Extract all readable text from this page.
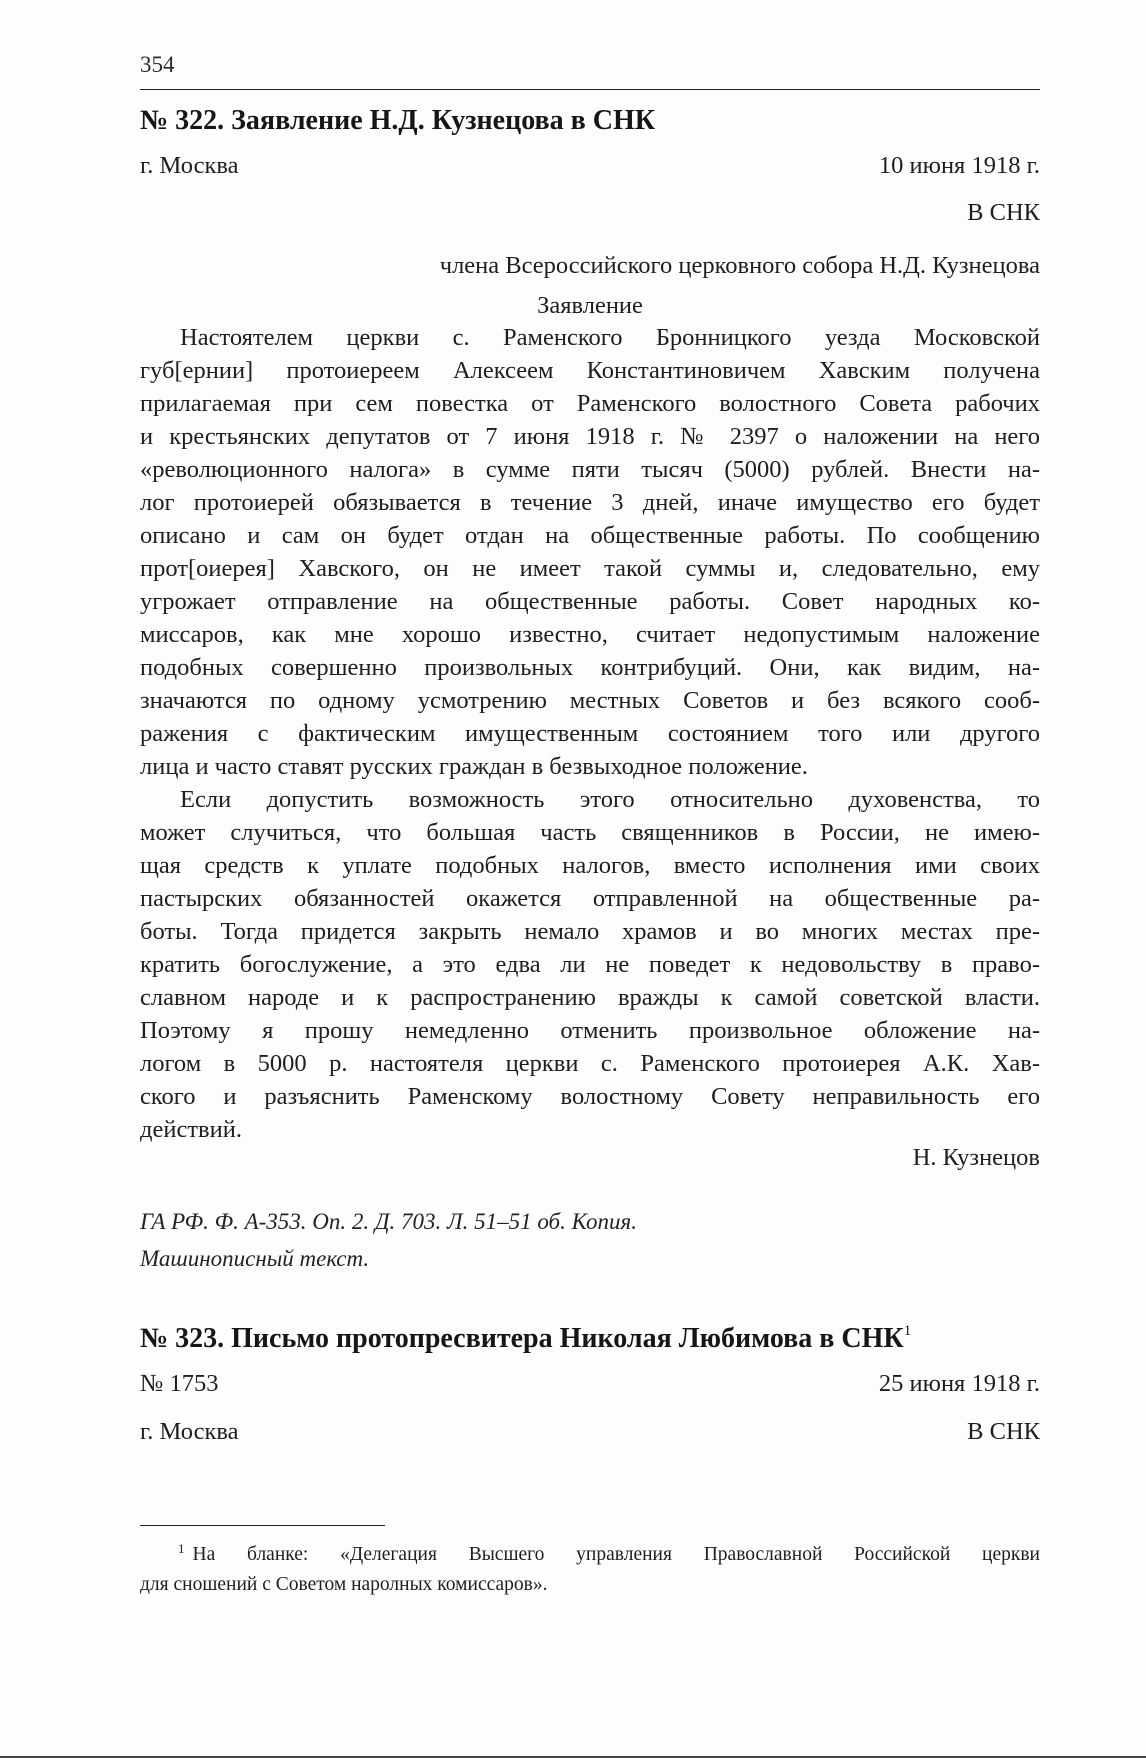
354
№ 322. Заявление Н.Д. Кузнецова в СНК
г. Москва	10 июня 1918 г.
В СНК
члена Всероссийского церковного собора Н.Д. Кузнецова
Заявление
Настоятелем церкви с. Раменского Бронницкого уезда Московской
губ[ернии] протоиереем Алексеем Константиновичем Хавским получена
прилагаемая при сем повестка от Раменского волостного Совета рабочих
и крестьянских депутатов от 7 июня 1918 г. № 2397 о наложении на него
«революционного налога» в сумме пяти тысяч (5000) рублей. Внести на-
лог протоиерей обязывается в течение 3 дней, иначе имущество его будет
описано и сам он будет отдан на общественные работы. По сообщению
прот[оиерея] Хавского, он не имеет такой суммы и, следовательно, ему
угрожает отправление на общественные работы. Совет народных ко-
миссаров, как мне хорошо известно, считает недопустимым наложение
подобных совершенно произвольных контрибуций. Они, как видим, на-
значаются по одному усмотрению местных Советов и без всякого сооб-
ражения с фактическим имущественным состоянием того или другого
лица и часто ставят русских граждан в безвыходное положение.
Если допустить возможность этого относительно духовенства, то
может случиться, что большая часть священников в России, не имею-
щая средств к уплате подобных налогов, вместо исполнения ими своих
пастырских обязанностей окажется отправленной на общественные ра-
боты. Тогда придется закрыть немало храмов и во многих местах пре-
кратить богослужение, а это едва ли не поведет к недовольству в право-
славном народе и к распространению вражды к самой советской власти.
Поэтому я прошу немедленно отменить произвольное обложение на-
логом в 5000 р. настоятеля церкви с. Раменского протоиерея А.К. Хав-
ского и разъяснить Раменскому волостному Совету неправильность его
действий.
Н. Кузнецов
ГА РФ. Ф. А-353. Оп. 2. Д. 703. Л. 51–51 об. Копия.
Машинописный текст.
№ 323. Письмо протопресвитера Николая Любимова в СНК$^1$
№ 1753	25 июня 1918 г.
г. Москва	В СНК
$^1$ На бланке: «Делегация Высшего управления Православной Российской церкви
для сношений с Советом наролных комиссаров».
